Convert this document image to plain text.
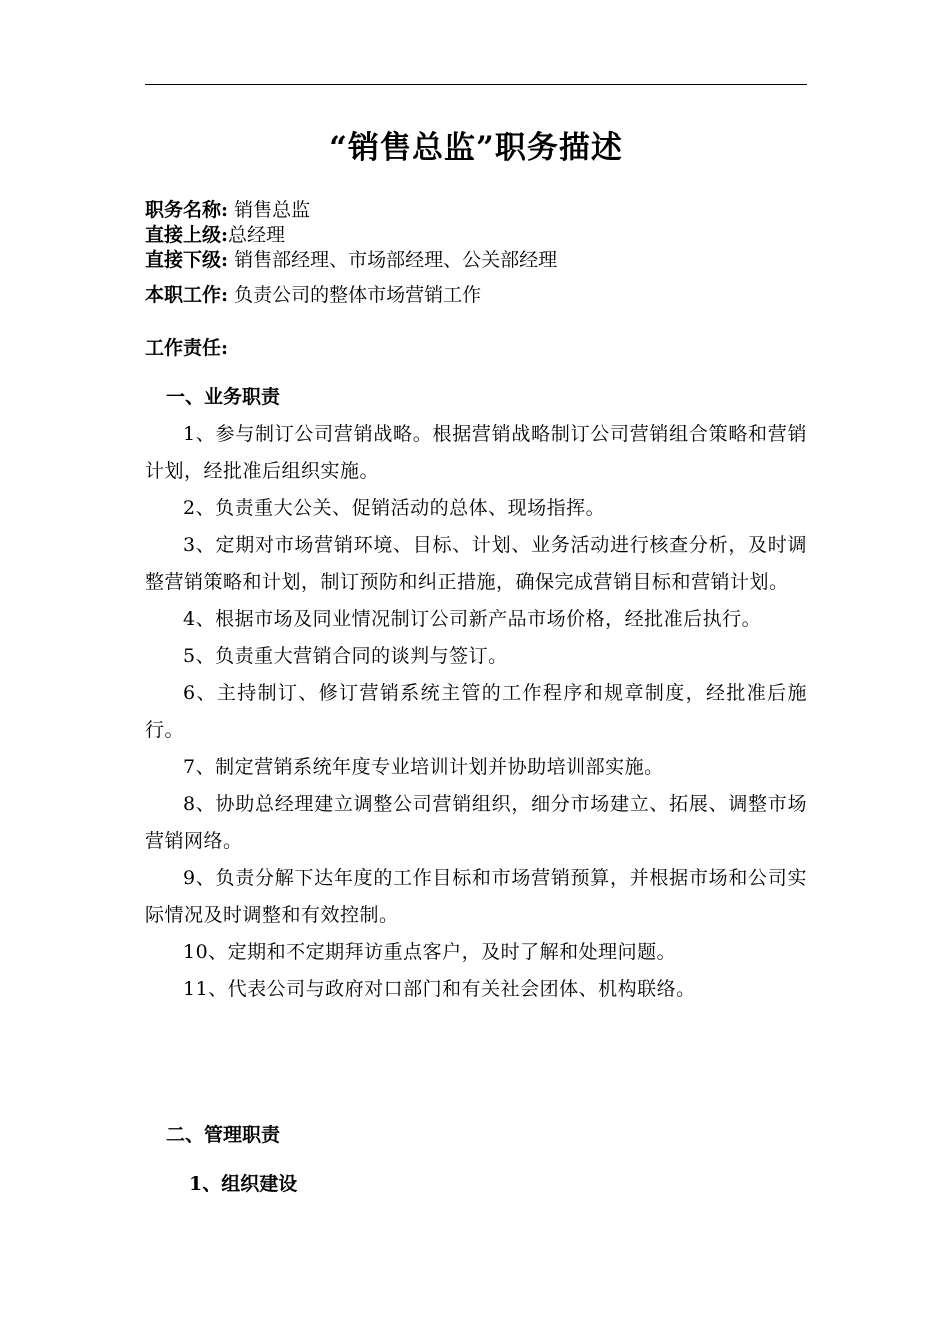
“销售总监”职务描述
职务名称: 销售总监
直接上级:总经理
直接下级: 销售部经理、市场部经理、公关部经理
本职工作: 负责公司的整体市场营销工作
工作责任:
一、业务职责

1、参与制订公司营销战略。根据营销战略制订公司营销组合策略和营销计划，经批准后组织实施。

2、负责重大公关、促销活动的总体、现场指挥。

3、定期对市场营销环境、目标、计划、业务活动进行核查分析，及时调整营销策略和计划，制订预防和纠正措施，确保完成营销目标和营销计划。

4、根据市场及同业情况制订公司新产品市场价格，经批准后执行。

5、负责重大营销合同的谈判与签订。

6、主持制订、修订营销系统主管的工作程序和规章制度，经批准后施行。

7、制定营销系统年度专业培训计划并协助培训部实施。

8、协助总经理建立调整公司营销组织，细分市场建立、拓展、调整市场营销网络。

9、负责分解下达年度的工作目标和市场营销预算，并根据市场和公司实际情况及时调整和有效控制。

10、定期和不定期拜访重点客户，及时了解和处理问题。

11、代表公司与政府对口部门和有关社会团体、机构联络。

二、管理职责
1、组织建设
